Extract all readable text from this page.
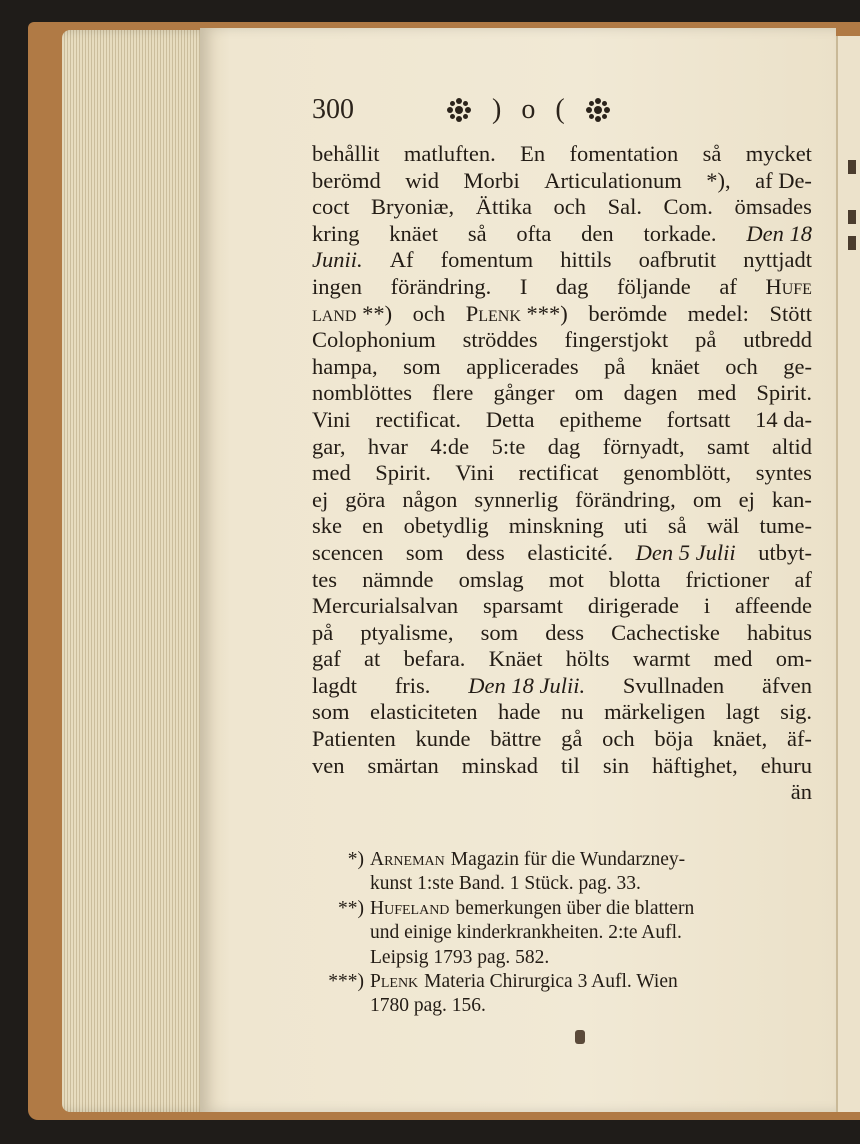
300	) o (
behållit matluften. En fomentation så mycket
berömd wid Morbi Articulationum *), af De-
coct Bryoniæ, Ättika och Sal. Com. ömsades
kring knäet så ofta den torkade. Den 18
Junii. Af fomentum hittils oafbrutit nyttjadt
ingen förändring. I dag följande af Hufe
land **) och Plenk ***) berömde medel: Stött
Colophonium ströddes fingerstjokt på utbredd
hampa, som applicerades på knäet och ge-
nomblöttes flere gånger om dagen med Spirit.
Vini rectificat. Detta epitheme fortsatt 14 da-
gar, hvar 4:de 5:te dag förnyadt, samt altid
med Spirit. Vini rectificat genomblött, syntes
ej göra någon synnerlig förändring, om ej kan-
ske en obetydlig minskning uti så wäl tume-
scencen som dess elasticité. Den 5 Julii utbyt-
tes nämnde omslag mot blotta frictioner af
Mercurialsalvan sparsamt dirigerade i affeende
på ptyalisme, som dess Cachectiske habitus
gaf at befara. Knäet hölts warmt med om-
lagdt fris. Den 18 Julii. Svullnaden äfven
som elasticiteten hade nu märkeligen lagt sig.
Patienten kunde bättre gå och böja knäet, äf-
ven smärtan minskad til sin häftighet, ehuru
än
*) Arneman Magazin für die Wundarzney-
kunst 1:ste Band. 1 Stück. pag. 33.
**) Hufeland bemerkungen über die blattern
und einige kinderkrankheiten. 2:te Aufl.
Leipsig 1793 pag. 582.
***) Plenk Materia Chirurgica 3 Aufl. Wien
1780 pag. 156.
